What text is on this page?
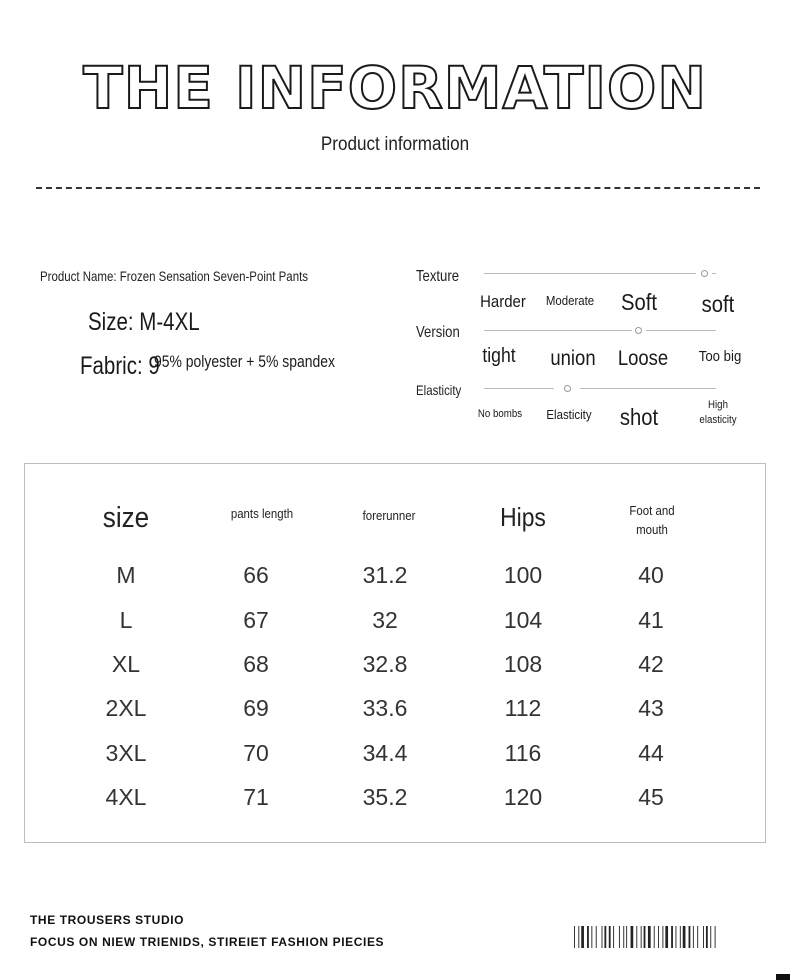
THE INFORMATION
Product information
Product Name: Frozen Sensation Seven-Point Pants
Size: M-4XL
Fabric: 9
95% polyester + 5% spandex
Texture
Harder	Moderate	Soft	soft
Version
tight	union	Loose	Too big
Elasticity
No bombs	Elasticity	shot	High elasticity
size	pants length	forerunner	Hips	Foot and mouth
M	66	31.2	100	40
L	67	32	104	41
XL	68	32.8	108	42
2XL	69	33.6	112	43
3XL	70	34.4	116	44
4XL	71	35.2	120	45
THE TROUSERS STUDIO
FOCUS ON NIEW TRIENIDS, STIREIET FASHION PIECIES
